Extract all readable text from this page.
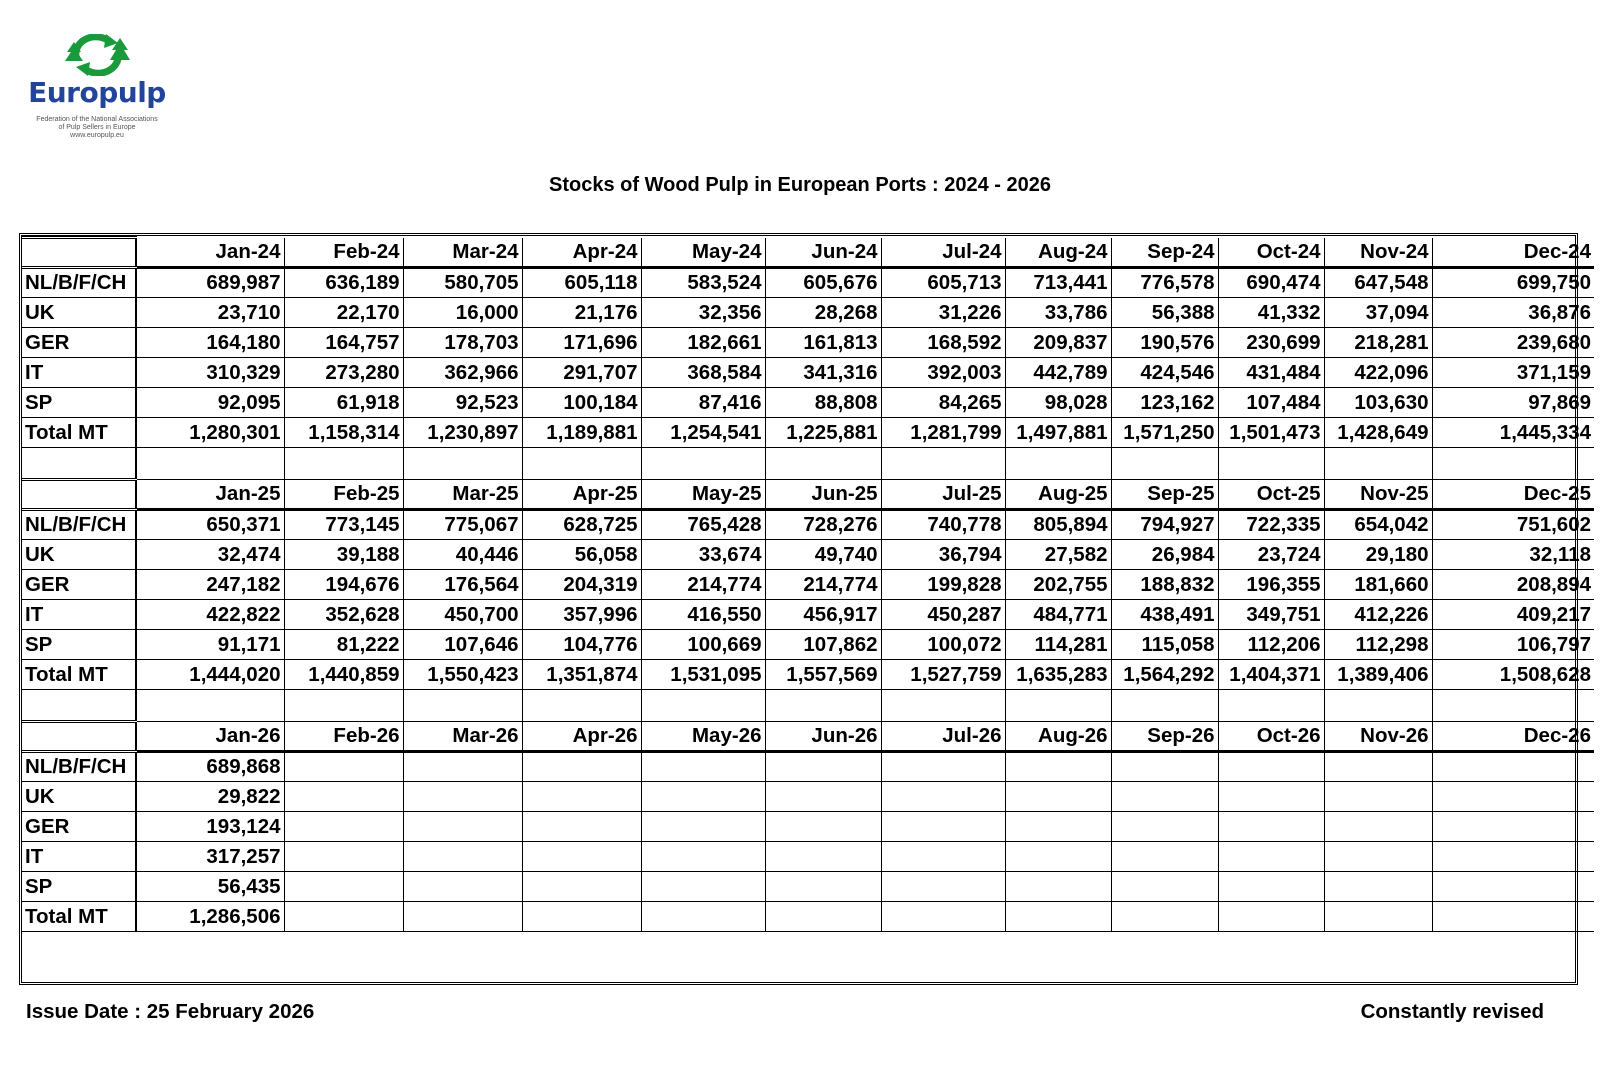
Europulp
Federation of the National Associations
of Pulp Sellers in Europe
www.europulp.eu
Stocks of Wood Pulp in European Ports : 2024 - 2026
	Jan-24	Feb-24	Mar-24	Apr-24	May-24	Jun-24	Jul-24	Aug-24	Sep-24	Oct-24	Nov-24	Dec-24
NL/B/F/CH	689,987	636,189	580,705	605,118	583,524	605,676	605,713	713,441	776,578	690,474	647,548	699,750
UK	23,710	22,170	16,000	21,176	32,356	28,268	31,226	33,786	56,388	41,332	37,094	36,876
GER	164,180	164,757	178,703	171,696	182,661	161,813	168,592	209,837	190,576	230,699	218,281	239,680
IT	310,329	273,280	362,966	291,707	368,584	341,316	392,003	442,789	424,546	431,484	422,096	371,159
SP	92,095	61,918	92,523	100,184	87,416	88,808	84,265	98,028	123,162	107,484	103,630	97,869
Total MT	1,280,301	1,158,314	1,230,897	1,189,881	1,254,541	1,225,881	1,281,799	1,497,881	1,571,250	1,501,473	1,428,649	1,445,334

	Jan-25	Feb-25	Mar-25	Apr-25	May-25	Jun-25	Jul-25	Aug-25	Sep-25	Oct-25	Nov-25	Dec-25
NL/B/F/CH	650,371	773,145	775,067	628,725	765,428	728,276	740,778	805,894	794,927	722,335	654,042	751,602
UK	32,474	39,188	40,446	56,058	33,674	49,740	36,794	27,582	26,984	23,724	29,180	32,118
GER	247,182	194,676	176,564	204,319	214,774	214,774	199,828	202,755	188,832	196,355	181,660	208,894
IT	422,822	352,628	450,700	357,996	416,550	456,917	450,287	484,771	438,491	349,751	412,226	409,217
SP	91,171	81,222	107,646	104,776	100,669	107,862	100,072	114,281	115,058	112,206	112,298	106,797
Total MT	1,444,020	1,440,859	1,550,423	1,351,874	1,531,095	1,557,569	1,527,759	1,635,283	1,564,292	1,404,371	1,389,406	1,508,628

	Jan-26	Feb-26	Mar-26	Apr-26	May-26	Jun-26	Jul-26	Aug-26	Sep-26	Oct-26	Nov-26	Dec-26
NL/B/F/CH	689,868											
UK	29,822											
GER	193,124											
IT	317,257											
SP	56,435											
Total MT	1,286,506											
Issue Date : 25 February 2026	Constantly revised
